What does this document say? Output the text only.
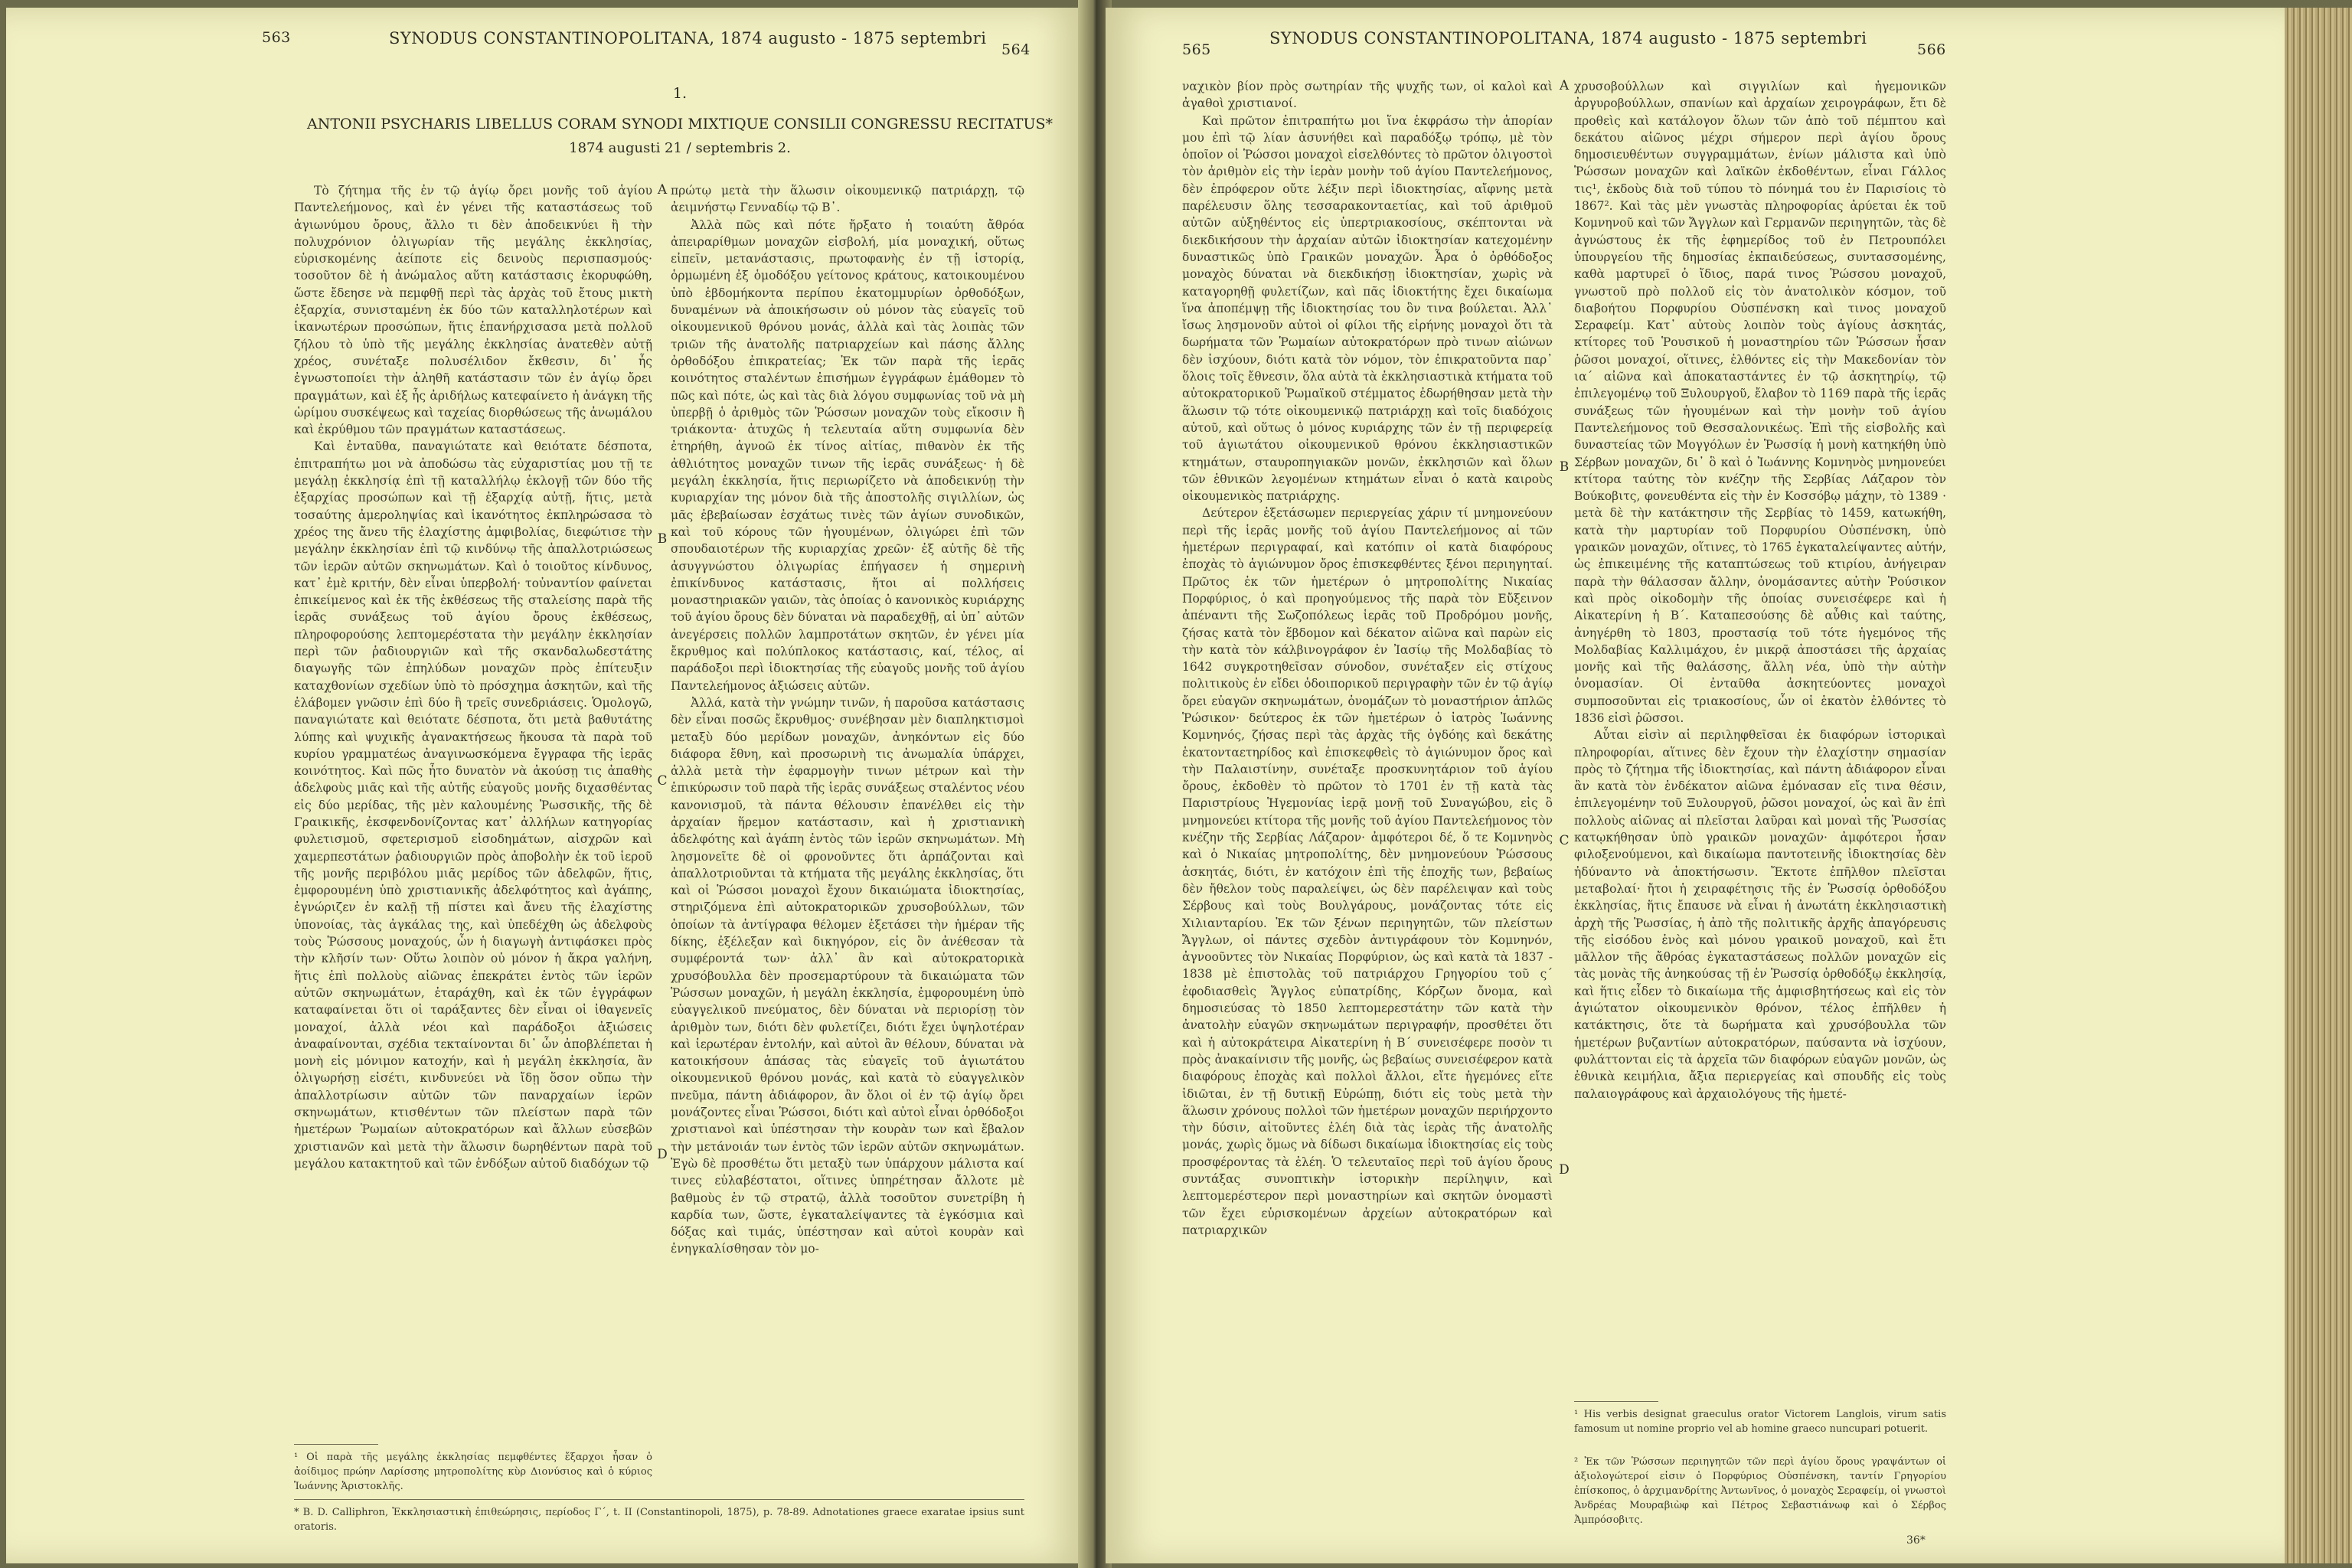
563	SYNODUS CONSTANTINOPOLITANA, 1874 augusto - 1875 septembri
564
1.
ANTONII PSYCHARIS LIBELLUS CORAM SYNODI MIXTIQUE CONSILII CONGRESSU RECITATUS*
1874 augusti 21 / septembris 2.

Τὸ ζήτημα τῆς ἐν τῷ ἁγίῳ ὄρει μονῆς τοῦ ἁγίου Παντελεήμονος, καὶ ἐν γένει τῆς καταστάσεως τοῦ ἁγιωνύμου ὄρους, ἄλλο τι δὲν ἀποδεικνύει ἢ τὴν πολυχρόνιον ὀλιγωρίαν τῆς μεγάλης ἐκκλησίας, εὑρισκομένης ἀείποτε εἰς δεινοὺς περισπασμούς· τοσοῦτον δὲ ἡ ἀνώμαλος αὕτη κατάστασις ἐκορυφώθη, ὥστε ἔδεησε νὰ πεμφθῇ περὶ τὰς ἀρχὰς τοῦ ἔτους μικτὴ ἐξαρχία, συνισταμένη ἐκ δύο τῶν καταλληλοτέρων καὶ ἱκανωτέρων προσώπων, ἥτις ἐπανήρχισασα μετὰ πολλοῦ ζήλου τὸ ὑπὸ τῆς μεγάλης ἐκκλησίας ἀνατεθὲν αὐτῇ χρέος, συνέταξε πολυσέλιδον ἔκθεσιν, δι᾽ ἧς ἐγνωστοποίει τὴν ἀληθῆ κατάστασιν τῶν ἐν ἁγίῳ ὄρει πραγμάτων, καὶ ἐξ ἧς ἀριδήλως κατεφαίνετο ἡ ἀνάγκη τῆς ὡρίμου συσκέψεως καὶ ταχείας διορθώσεως τῆς ἀνωμάλου καὶ ἐκρύθμου τῶν πραγμάτων καταστάσεως.

Καὶ ἐνταῦθα, παναγιώτατε καὶ θειότατε δέσποτα, ἐπιτραπήτω μοι νὰ ἀποδώσω τὰς εὐχαριστίας μου τῇ τε μεγάλῃ ἐκκλησίᾳ ἐπὶ τῇ καταλλήλῳ ἐκλογῇ τῶν δύο τῆς ἐξαρχίας προσώπων καὶ τῇ ἐξαρχίᾳ αὐτῇ, ἥτις, μετὰ τοσαύτης ἀμεροληψίας καὶ ἱκανότητος ἐκπληρώσασα τὸ χρέος της ἄνευ τῆς ἐλαχίστης ἀμφιβολίας, διεφώτισε τὴν μεγάλην ἐκκλησίαν ἐπὶ τῷ κινδύνῳ τῆς ἀπαλλοτριώσεως τῶν ἱερῶν αὐτῶν σκηνωμάτων. Καὶ ὁ τοιοῦτος κίνδυνος, κατ᾽ ἐμὲ κριτήν, δὲν εἶναι ὑπερβολή· τοὐναντίον φαίνεται ἐπικείμενος καὶ ἐκ τῆς ἐκθέσεως τῆς σταλείσης παρὰ τῆς ἱερᾶς συνάξεως τοῦ ἁγίου ὄρους ἐκθέσεως, πληροφορούσης λεπτομερέστατα τὴν μεγάλην ἐκκλησίαν περὶ τῶν ῥαδιουργιῶν καὶ τῆς σκανδαλωδεστάτης διαγωγῆς τῶν ἐπηλύδων μοναχῶν πρὸς ἐπίτευξιν καταχθονίων σχεδίων ὑπὸ τὸ πρόσχημα ἀσκητῶν, καὶ τῆς ἐλάβομεν γνῶσιν ἐπὶ δύο ἢ τρεῖς συνεδριάσεις. Ὁμολογῶ, παναγιώτατε καὶ θειότατε δέσποτα, ὅτι μετὰ βαθυτάτης λύπης καὶ ψυχικῆς ἀγανακτήσεως ἤκουσα τὰ παρὰ τοῦ κυρίου γραμματέως ἀναγινωσκόμενα ἔγγραφα τῆς ἱερᾶς κοινότητος. Καὶ πῶς ἦτο δυνατὸν νὰ ἀκούσῃ τις ἀπαθὴς ἀδελφοὺς μιᾶς καὶ τῆς αὐτῆς εὐαγοῦς μονῆς διχασθέντας εἰς δύο μερίδας, τῆς μὲν καλουμένης Ῥωσσικῆς, τῆς δὲ Γραικικῆς, ἐκσφενδονίζοντας κατ᾽ ἀλλήλων κατηγορίας φυλετισμοῦ, σφετερισμοῦ εἰσοδημάτων, αἰσχρῶν καὶ χαμερπεστάτων ῥαδιουργιῶν πρὸς ἀποβολὴν ἐκ τοῦ ἱεροῦ τῆς μονῆς περιβόλου μιᾶς μερίδος τῶν ἀδελφῶν, ἥτις, ἐμφορουμένη ὑπὸ χριστιανικῆς ἀδελφότητος καὶ ἀγάπης, ἐγνώριζεν ἐν καλῇ τῇ πίστει καὶ ἄνευ τῆς ἐλαχίστης ὑπονοίας, τὰς ἀγκάλας της, καὶ ὑπεδέχθη ὡς ἀδελφοὺς τοὺς Ῥώσσους μοναχούς, ὧν ἡ διαγωγὴ ἀντιφάσκει πρὸς τὴν κλῆσίν των· Οὕτω λοιπὸν οὐ μόνον ἡ ἄκρα γαλήνη, ἥτις ἐπὶ πολλοὺς αἰῶνας ἐπεκράτει ἐντὸς τῶν ἱερῶν αὐτῶν σκηνωμάτων, ἐταράχθη, καὶ ἐκ τῶν ἐγγράφων καταφαίνεται ὅτι οἱ ταράξαντες δὲν εἶναι οἱ ἰθαγενεῖς μοναχοί, ἀλλὰ νέοι καὶ παράδοξοι ἀξιώσεις ἀναφαίνονται, σχέδια τεκταίνονται δι᾽ ὧν ἀποβλέπεται ἡ μονὴ εἰς μόνιμον κατοχήν, καὶ ἡ μεγάλη ἐκκλησία, ἂν ὀλιγωρήσῃ εἰσέτι, κινδυνεύει νὰ ἴδῃ ὅσον οὔπω τὴν ἀπαλλοτρίωσιν αὐτῶν τῶν παναρχαίων ἱερῶν σκηνωμάτων, κτισθέντων τῶν πλείστων παρὰ τῶν ἡμετέρων Ῥωμαίων αὐτοκρατόρων καὶ ἄλλων εὐσεβῶν χριστιανῶν καὶ μετὰ τὴν ἅλωσιν δωρηθέντων παρὰ τοῦ μεγάλου κατακτητοῦ καὶ τῶν ἐνδόξων αὐτοῦ διαδόχων τῷ

A
B
C
D

πρώτῳ μετὰ τὴν ἅλωσιν οἰκουμενικῷ πατριάρχῃ, τῷ ἀειμνήστῳ Γενναδίῳ τῷ Β᾽.

Ἀλλὰ πῶς καὶ πότε ἤρξατο ἡ τοιαύτη ἄθρόα ἀπειραρίθμων μοναχῶν εἰσβολή, μία μοναχική, οὕτως εἰπεῖν, μετανάστασις, πρωτοφανὴς ἐν τῇ ἱστορίᾳ, ὁρμωμένη ἐξ ὁμοδόξου γείτονος κράτους, κατοικουμένου ὑπὸ ἑβδομήκοντα περίπου ἑκατομμυρίων ὀρθοδόξων, δυναμένων νὰ ἀποικήσωσιν οὐ μόνον τὰς εὐαγεῖς τοῦ οἰκουμενικοῦ θρόνου μονάς, ἀλλὰ καὶ τὰς λοιπὰς τῶν τριῶν τῆς ἀνατολῆς πατριαρχείων καὶ πάσης ἄλλης ὀρθοδόξου ἐπικρατείας; Ἐκ τῶν παρὰ τῆς ἱερᾶς κοινότητος σταλέντων ἐπισήμων ἐγγράφων ἐμάθομεν τὸ πῶς καὶ πότε, ὡς καὶ τὰς διὰ λόγου συμφωνίας τοῦ νὰ μὴ ὑπερβῇ ὁ ἀριθμὸς τῶν Ῥώσσων μοναχῶν τοὺς εἴκοσιν ἢ τριάκοντα· ἀτυχῶς ἡ τελευταία αὕτη συμφωνία δὲν ἐτηρήθη, ἀγνοῶ ἐκ τίνος αἰτίας, πιθανὸν ἐκ τῆς ἀθλιότητος μοναχῶν τινων τῆς ἱερᾶς συνάξεως· ἡ δὲ μεγάλη ἐκκλησία, ἥτις περιωρίζετο νὰ ἀποδεικνύῃ τὴν κυριαρχίαν της μόνον διὰ τῆς ἀποστολῆς σιγιλλίων, ὡς μᾶς ἐβεβαίωσαν ἐσχάτως τινὲς τῶν ἁγίων συνοδικῶν, καὶ τοῦ κόρους τῶν ἡγουμένων, ὀλιγώρει ἐπὶ τῶν σπουδαιοτέρων τῆς κυριαρχίας χρεῶν· ἐξ αὐτῆς δὲ τῆς ἀσυγγνώστου ὀλιγωρίας ἐπήγασεν ἡ σημερινὴ ἐπικίνδυνος κατάστασις, ἤτοι αἱ πολλήσεις μοναστηριακῶν γαιῶν, τὰς ὁποίας ὁ κανονικὸς κυριάρχης τοῦ ἁγίου ὄρους δὲν δύναται νὰ παραδεχθῇ, αἱ ὑπ᾽ αὐτῶν ἀνεγέρσεις πολλῶν λαμπροτάτων σκητῶν, ἐν γένει μία ἔκρυθμος καὶ πολύπλοκος κατάστασις, καί, τέλος, αἱ παράδοξοι περὶ ἰδιοκτησίας τῆς εὐαγοῦς μονῆς τοῦ ἁγίου Παντελεήμονος ἀξιώσεις αὐτῶν.

Ἀλλά, κατὰ τὴν γνώμην τινῶν, ἡ παροῦσα κατάστασις δὲν εἶναι ποσῶς ἔκρυθμος· συνέβησαν μὲν διαπληκτισμοὶ μεταξὺ δύο μερίδων μοναχῶν, ἀνηκόντων εἰς δύο διάφορα ἔθνη, καὶ προσωρινὴ τις ἀνωμαλία ὑπάρχει, ἀλλὰ μετὰ τὴν ἐφαρμογὴν τινων μέτρων καὶ τὴν ἐπικύρωσιν τοῦ παρὰ τῆς ἱερᾶς συνάξεως σταλέντος νέου κανονισμοῦ, τὰ πάντα θέλουσιν ἐπανέλθει εἰς τὴν ἀρχαίαν ἥρεμον κατάστασιν, καὶ ἡ χριστιανικὴ ἀδελφότης καὶ ἀγάπη ἐντὸς τῶν ἱερῶν σκηνωμάτων. Μὴ λησμονεῖτε δὲ οἱ φρονοῦντες ὅτι ἀρπάζονται καὶ ἀπαλλοτριοῦνται τὰ κτήματα τῆς μεγάλης ἐκκλησίας, ὅτι καὶ οἱ Ῥώσσοι μοναχοὶ ἔχουν δικαιώματα ἰδιοκτησίας, στηριζόμενα ἐπὶ αὐτοκρατορικῶν χρυσοβούλλων, τῶν ὁποίων τὰ ἀντίγραφα θέλομεν ἐξετάσει τὴν ἡμέραν τῆς δίκης, ἐξέλεξαν καὶ δικηγόρον, εἰς ὃν ἀνέθεσαν τὰ συμφέροντά των· ἀλλ᾽ ἂν καὶ αὐτοκρατορικὰ χρυσόβουλλα δὲν προσεμαρτύρουν τὰ δικαιώματα τῶν Ῥώσσων μοναχῶν, ἡ μεγάλη ἐκκλησία, ἐμφορουμένη ὑπὸ εὐαγγελικοῦ πνεύματος, δὲν δύναται νὰ περιορίσῃ τὸν ἀριθμὸν των, διότι δὲν φυλετίζει, διότι ἔχει ὑψηλοτέραν καὶ ἱερωτέραν ἐντολήν, καὶ αὐτοὶ ἂν θέλουν, δύναται νὰ κατοικήσουν ἁπάσας τὰς εὐαγεῖς τοῦ ἁγιωτάτου οἰκουμενικοῦ θρόνου μονάς, καὶ κατὰ τὸ εὐαγγελικὸν πνεῦμα, πάντη ἀδιάφορον, ἂν ὅλοι οἱ ἐν τῷ ἁγίῳ ὄρει μονάζοντες εἶναι Ῥώσσοι, διότι καὶ αὐτοὶ εἶναι ὀρθόδοξοι χριστιανοὶ καὶ ὑπέστησαν τὴν κουρὰν των καὶ ἔβαλον τὴν μετάνοιάν των ἐντὸς τῶν ἱερῶν αὐτῶν σκηνωμάτων. Ἐγὼ δὲ προσθέτω ὅτι μεταξὺ των ὑπάρχουν μάλιστα καί τινες εὐλαβέστατοι, οἵτινες ὑπηρέτησαν ἄλλοτε μὲ βαθμοὺς ἐν τῷ στρατῷ, ἀλλὰ τοσοῦτον συνετρίβη ἡ καρδία των, ὥστε, ἐγκαταλείψαντες τὰ ἐγκόσμια καὶ δόξας καὶ τιμάς, ὑπέστησαν καὶ αὐτοὶ κουρὰν καὶ ἐνηγκαλίσθησαν τὸν μο-

¹ Οἱ παρὰ τῆς μεγάλης ἐκκλησίας πεμφθέντες ἔξαρχοι ἦσαν ὁ ἀοίδιμος πρώην Λαρίσσης μητροπολίτης κὺρ Διονύσιος καὶ ὁ κύριος Ἰωάννης Ἀριστοκλῆς.
* B. D. Calliphron, Ἐκκλησιαστικὴ ἐπιθεώρησις, περίοδος Γ΄, t. II (Constantinopoli, 1875), p. 78-89. Adnotationes graece exaratae ipsius sunt oratoris.
565
SYNODUS CONSTANTINOPOLITANA, 1874 augusto - 1875 septembri
566

ναχικὸν βίον πρὸς σωτηρίαν τῆς ψυχῆς των, οἱ καλοὶ καὶ ἀγαθοὶ χριστιανοί.

Καὶ πρῶτον ἐπιτραπήτω μοι ἵνα ἐκφράσω τὴν ἀπορίαν μου ἐπὶ τῷ λίαν ἀσυνήθει καὶ παραδόξῳ τρόπῳ, μὲ τὸν ὁποῖον οἱ Ῥώσσοι μοναχοὶ εἰσελθόντες τὸ πρῶτον ὀλιγοστοὶ τὸν ἀριθμὸν εἰς τὴν ἱερὰν μονὴν τοῦ ἁγίου Παντελεήμονος, δὲν ἐπρόφερον οὔτε λέξιν περὶ ἰδιοκτησίας, αἴφνης μετὰ παρέλευσιν ὅλης τεσσαρακονταετίας, καὶ τοῦ ἀριθμοῦ αὐτῶν αὐξηθέντος εἰς ὑπερτριακοσίους, σκέπτονται νὰ διεκδικήσουν τὴν ἀρχαίαν αὐτῶν ἰδιοκτησίαν κατεχομένην δυναστικῶς ὑπὸ Γραικῶν μοναχῶν. Ἆρα ὁ ὀρθόδοξος μοναχὸς δύναται νὰ διεκδικήσῃ ἰδιοκτησίαν, χωρὶς νὰ καταγορηθῇ φυλετίζων, καὶ πᾶς ἰδιοκτήτης ἔχει δικαίωμα ἵνα ἀποπέμψῃ τῆς ἰδιοκτησίας του ὃν τινα βούλεται. Ἀλλ᾽ ἴσως λησμονοῦν αὐτοὶ οἱ φίλοι τῆς εἰρήνης μοναχοὶ ὅτι τὰ δωρήματα τῶν Ῥωμαίων αὐτοκρατόρων πρὸ τινων αἰώνων δὲν ἰσχύουν, διότι κατὰ τὸν νόμον, τὸν ἐπικρατοῦντα παρ᾽ ὅλοις τοῖς ἔθνεσιν, ὅλα αὐτὰ τὰ ἐκκλησιαστικὰ κτήματα τοῦ αὐτοκρατορικοῦ Ῥωμαϊκοῦ στέμματος ἐδωρήθησαν μετὰ τὴν ἅλωσιν τῷ τότε οἰκουμενικῷ πατριάρχῃ καὶ τοῖς διαδόχοις αὐτοῦ, καὶ οὕτως ὁ μόνος κυριάρχης τῶν ἐν τῇ περιφερείᾳ τοῦ ἁγιωτάτου οἰκουμενικοῦ θρόνου ἐκκλησιαστικῶν κτημάτων, σταυροπηγιακῶν μονῶν, ἐκκλησιῶν καὶ ὅλων τῶν ἐθνικῶν λεγομένων κτημάτων εἶναι ὁ κατὰ καιροὺς οἰκουμενικὸς πατριάρχης.

Δεύτερον ἐξετάσωμεν περιεργείας χάριν τί μνημονεύουν περὶ τῆς ἱερᾶς μονῆς τοῦ ἁγίου Παντελεήμονος αἱ τῶν ἡμετέρων περιγραφαί, καὶ κατόπιν οἱ κατὰ διαφόρους ἐποχὰς τὸ ἁγιώνυμον ὄρος ἐπισκεφθέντες ξένοι περιηγηταί. Πρῶτος ἐκ τῶν ἡμετέρων ὁ μητροπολίτης Νικαίας Πορφύριος, ὁ καὶ προηγούμενος τῆς παρὰ τὸν Εὔξεινον ἀπέναντι τῆς Σωζοπόλεως ἱερᾶς τοῦ Προδρόμου μονῆς, ζήσας κατὰ τὸν ἕβδομον καὶ δέκατον αἰῶνα καὶ παρὼν εἰς τὴν κατὰ τὸν κάλβινογράφον ἐν Ἰασίῳ τῆς Μολδαβίας τὸ 1642 συγκροτηθεῖσαν σύνοδον, συνέταξεν εἰς στίχους πολιτικοὺς ἐν εἴδει ὁδοιπορικοῦ περιγραφὴν τῶν ἐν τῷ ἁγίῳ ὄρει εὐαγῶν σκηνωμάτων, ὀνομάζων τὸ μοναστήριον ἁπλῶς Ῥώσικον· δεύτερος ἐκ τῶν ἡμετέρων ὁ ἰατρὸς Ἰωάννης Κομνηνός, ζήσας περὶ τὰς ἀρχὰς τῆς ὀγδόης καὶ δεκάτης ἑκατονταετηρίδος καὶ ἐπισκεφθεὶς τὸ ἁγιώνυμον ὄρος καὶ τὴν Παλαιστίνην, συνέταξε προσκυνητάριον τοῦ ἁγίου ὄρους, ἐκδοθὲν τὸ πρῶτον τὸ 1701 ἐν τῇ κατὰ τὰς Παριστρίους Ἡγεμονίας ἱερᾷ μονῇ τοῦ Συναγώβου, εἰς ὃ μνημονεύει κτίτορα τῆς μονῆς τοῦ ἁγίου Παντελεήμονος τὸν κνέζην τῆς Σερβίας Λάζαρον· ἀμφότεροι δέ, ὅ τε Κομνηνὸς καὶ ὁ Νικαίας μητροπολίτης, δὲν μνημονεύουν Ῥώσσους ἀσκητάς, διότι, ἐν κατόχοιν ἐπὶ τῆς ἐποχῆς των, βεβαίως δὲν ἤθελον τοὺς παραλείψει, ὡς δὲν παρέλειψαν καὶ τοὺς Σέρβους καὶ τοὺς Βουλγάρους, μονάζοντας τότε εἰς Χιλιανταρίου. Ἐκ τῶν ξένων περιηγητῶν, τῶν πλείστων Ἄγγλων, οἱ πάντες σχεδὸν ἀντιγράφουν τὸν Κομνηνόν, ἀγνοοῦντες τὸν Νικαίας Πορφύριον, ὡς καὶ κατὰ τὰ 1837 - 1838 μὲ ἐπιστολὰς τοῦ πατριάρχου Γρηγορίου τοῦ ς΄ ἐφοδιασθεὶς Ἄγγλος εὐπατρίδης, Κόρζων ὄνομα, καὶ δημοσιεύσας τὸ 1850 λεπτομερεστάτην τῶν κατὰ τὴν ἀνατολὴν εὐαγῶν σκηνωμάτων περιγραφήν, προσθέτει ὅτι καὶ ἡ αὐτοκράτειρα Αἰκατερίνη ἡ Β΄ συνεισέφερε ποσὸν τι πρὸς ἀνακαίνισιν τῆς μονῆς, ὡς βεβαίως συνεισέφερον κατὰ διαφόρους ἐποχὰς καὶ πολλοὶ ἄλλοι, εἴτε ἡγεμόνες εἴτε ἰδιῶται, ἐν τῇ δυτικῇ Εὐρώπῃ, διότι εἰς τοὺς μετὰ τὴν ἅλωσιν χρόνους πολλοὶ τῶν ἡμετέρων μοναχῶν περιήρχοντο τὴν δύσιν, αἰτοῦντες ἐλέη διὰ τὰς ἱερὰς τῆς ἀνατολῆς μονάς, χωρὶς ὅμως νὰ δίδωσι δικαίωμα ἰδιοκτησίας εἰς τοὺς προσφέροντας τὰ ἐλέη. Ὁ τελευταῖος περὶ τοῦ ἁγίου ὄρους συντάξας συνοπτικὴν ἱστορικὴν περίληψιν, καὶ λεπτομερέστερον περὶ μοναστηρίων καὶ σκητῶν ὀνομαστὶ τῶν ἔχει εὑρισκομένων ἀρχείων αὐτοκρατόρων καὶ πατριαρχικῶν

A
B
C
D

χρυσοβούλλων καὶ σιγγιλίων καὶ ἡγεμονικῶν ἀργυροβούλλων, σπανίων καὶ ἀρχαίων χειρογράφων, ἔτι δὲ προθεὶς καὶ κατάλογον ὅλων τῶν ἀπὸ τοῦ πέμπτου καὶ δεκάτου αἰῶνος μέχρι σήμερον περὶ ἁγίου ὄρους δημοσιευθέντων συγγραμμάτων, ἐνίων μάλιστα καὶ ὑπὸ Ῥώσσων μοναχῶν καὶ λαϊκῶν ἐκδοθέντων, εἶναι Γάλλος τις¹, ἐκδοὺς διὰ τοῦ τύπου τὸ πόνημά του ἐν Παρισίοις τὸ 1867². Καὶ τὰς μὲν γνωστὰς πληροφορίας ἀρύεται ἐκ τοῦ Κομνηνοῦ καὶ τῶν Ἄγγλων καὶ Γερμανῶν περιηγητῶν, τὰς δὲ ἀγνώστους ἐκ τῆς ἐφημερίδος τοῦ ἐν Πετρουπόλει ὑπουργείου τῆς δημοσίας ἐκπαιδεύσεως, συντασσομένης, καθὰ μαρτυρεῖ ὁ ἴδιος, παρά τινος Ῥώσσου μοναχοῦ, γνωστοῦ πρὸ πολλοῦ εἰς τὸν ἀνατολικὸν κόσμον, τοῦ διαβοήτου Πορφυρίου Οὐσπένσκη καὶ τινος μοναχοῦ Σεραφείμ. Κατ᾽ αὐτοὺς λοιπὸν τοὺς ἁγίους ἀσκητάς, κτίτορες τοῦ Ῥουσικοῦ ἡ μοναστηρίου τῶν Ῥώσσων ἦσαν ῥῶσοι μοναχοί, οἵτινες, ἐλθόντες εἰς τὴν Μακεδονίαν τὸν ια΄ αἰῶνα καὶ ἀποκαταστάντες ἐν τῷ ἀσκητηρίῳ, τῷ ἐπιλεγομένῳ τοῦ Ξυλουργοῦ, ἔλαβον τὸ 1169 παρὰ τῆς ἱερᾶς συνάξεως τῶν ἡγουμένων καὶ τὴν μονὴν τοῦ ἁγίου Παντελεήμονος τοῦ Θεσσαλονικέως. Ἐπὶ τῆς εἰσβολῆς καὶ δυναστείας τῶν Μογγόλων ἐν Ῥωσσίᾳ ἡ μονὴ κατηκήθη ὑπὸ Σέρβων μοναχῶν, δι᾽ ὃ καὶ ὁ Ἰωάννης Κομνηνὸς μνημονεύει κτίτορα ταύτης τὸν κνέζην τῆς Σερβίας Λάζαρον τὸν Βούκοβιτς, φονευθέντα εἰς τὴν ἐν Κοσσόβῳ μάχην, τὸ 1389 · μετὰ δὲ τὴν κατάκτησιν τῆς Σερβίας τὸ 1459, κατωκήθη, κατὰ τὴν μαρτυρίαν τοῦ Πορφυρίου Οὐσπένσκη, ὑπὸ γραικῶν μοναχῶν, οἵτινες, τὸ 1765 ἐγκαταλείψαντες αὐτήν, ὡς ἐπικειμένης τῆς καταπτώσεως τοῦ κτιρίου, ἀνήγειραν παρὰ τὴν θάλασσαν ἄλλην, ὀνομάσαντες αὐτὴν Ῥούσικον καὶ πρὸς οἰκοδομὴν τῆς ὁποίας συνεισέφερε καὶ ἡ Αἰκατερίνη ἡ Β΄. Καταπεσούσης δὲ αὖθις καὶ ταύτης, ἀνηγέρθη τὸ 1803, προστασίᾳ τοῦ τότε ἡγεμόνος τῆς Μολδαβίας Καλλιμάχου, ἐν μικρᾷ ἀποστάσει τῆς ἀρχαίας μονῆς καὶ τῆς θαλάσσης, ἄλλη νέα, ὑπὸ τὴν αὐτὴν ὀνομασίαν. Οἱ ἐνταῦθα ἀσκητεύοντες μοναχοὶ συμποσοῦνται εἰς τριακοσίους, ὧν οἱ ἑκατὸν ἐλθόντες τὸ 1836 εἰσὶ ῥῶσσοι.

Αὗται εἰσὶν αἱ περιληφθεῖσαι ἐκ διαφόρων ἱστορικαὶ πληροφορίαι, αἵτινες δὲν ἔχουν τὴν ἐλαχίστην σημασίαν πρὸς τὸ ζήτημα τῆς ἰδιοκτησίας, καὶ πάντη ἀδιάφορον εἶναι ἂν κατὰ τὸν ἑνδέκατον αἰῶνα ἐμόνασαν εἴς τινα θέσιν, ἐπιλεγομένην τοῦ Ξυλουργοῦ, ῥῶσοι μοναχοί, ὡς καὶ ἂν ἐπὶ πολλοὺς αἰῶνας αἱ πλεῖσται λαῦραι καὶ μοναὶ τῆς Ῥωσσίας κατῳκήθησαν ὑπὸ γραικῶν μοναχῶν· ἀμφότεροι ἦσαν φιλοξενούμενοι, καὶ δικαίωμα παντοτεινῆς ἰδιοκτησίας δὲν ἠδύναντο νὰ ἀποκτήσωσιν. Ἔκτοτε ἐπῆλθον πλεῖσται μεταβολαί· ἤτοι ἡ χειραφέτησις τῆς ἐν Ῥωσσίᾳ ὀρθοδόξου ἐκκλησίας, ἥτις ἔπαυσε νὰ εἶναι ἡ ἀνωτάτη ἐκκλησιαστικὴ ἀρχὴ τῆς Ῥωσσίας, ἡ ἀπὸ τῆς πολιτικῆς ἀρχῆς ἀπαγόρευσις τῆς εἰσόδου ἑνὸς καὶ μόνου γραικοῦ μοναχοῦ, καὶ ἔτι μᾶλλον τῆς ἄθρόας ἐγκαταστάσεως πολλῶν μοναχῶν εἰς τὰς μονὰς τῆς ἀνηκούσας τῇ ἐν Ῥωσσίᾳ ὀρθοδόξῳ ἐκκλησίᾳ, καὶ ἥτις εἶδεν τὸ δικαίωμα τῆς ἀμφισβητήσεως καὶ εἰς τὸν ἁγιώτατον οἰκουμενικὸν θρόνον, τέλος ἐπῆλθεν ἡ κατάκτησις, ὅτε τὰ δωρήματα καὶ χρυσόβουλλα τῶν ἡμετέρων βυζαντίων αὐτοκρατόρων, παύσαντα νὰ ἰσχύουν, φυλάττονται εἰς τὰ ἀρχεῖα τῶν διαφόρων εὐαγῶν μονῶν, ὡς ἐθνικὰ κειμήλια, ἄξια περιεργείας καὶ σπουδῆς εἰς τοὺς παλαιογράφους καὶ ἀρχαιολόγους τῆς ἡμετέ-

¹ His verbis designat graeculus orator Victorem Langlois, virum satis famosum ut nomine proprio vel ab homine graeco nuncupari potuerit.
² Ἐκ τῶν Ῥώσσων περιηγητῶν τῶν περὶ ἁγίου ὄρους γραψάντων οἱ ἀξιολογώτεροί εἰσιν ὁ Πορφύριος Οὐσπένσκη, ταντίν Γρηγορίου ἐπίσκοπος, ὁ ἀρχιμανδρίτης Ἀντωνῖνος, ὁ μοναχὸς Σεραφείμ, οἱ γνωστοὶ Ἀνδρέας Μουραβιὼφ καὶ Πέτρος Σεβαστιάνωφ καὶ ὁ Σέρβος Ἀμπρόσοβιτς.
36*
